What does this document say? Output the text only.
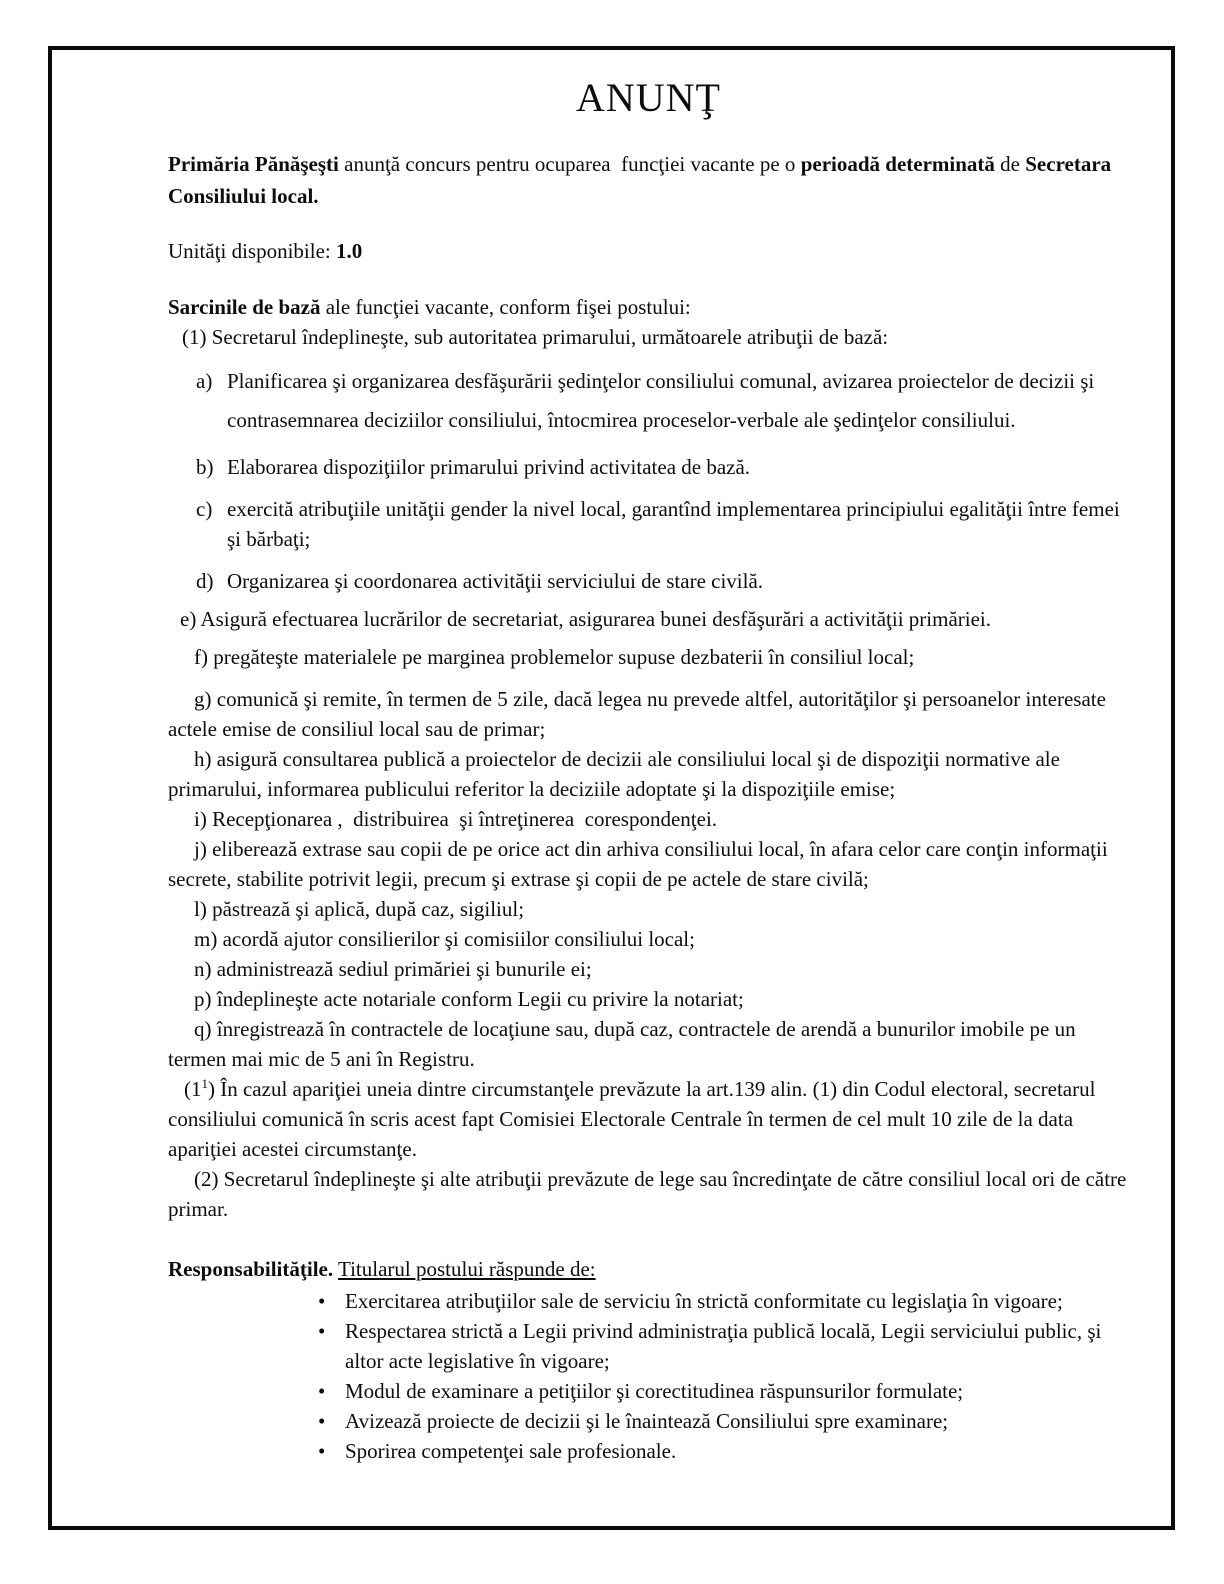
ANUNŢ

Primăria Pănăşeşti anunţă concurs pentru ocuparea  funcţiei vacante pe o perioadă determinată de Secretara Consiliului local.

Unităţi disponibile: 1.0

Sarcinile de bază ale funcţiei vacante, conform fişei postului:

(1) Secretarul îndeplineşte, sub autoritatea primarului, următoarele atribuţii de bază:

a) Planificarea şi organizarea desfăşurării şedinţelor consiliului comunal, avizarea proiectelor de decizii şi contrasemnarea deciziilor consiliului, întocmirea proceselor-verbale ale şedinţelor consiliului.
b) Elaborarea dispoziţiilor primarului privind activitatea de bază.
c) exercită atribuţiile unităţii gender la nivel local, garantînd implementarea principiului egalităţii între femei şi bărbaţi;
d) Organizarea şi coordonarea activităţii serviciului de stare civilă.

e) Asigură efectuarea lucrărilor de secretariat, asigurarea bunei desfăşurări a activităţii primăriei.

f) pregăteşte materialele pe marginea problemelor supuse dezbaterii în consiliul local;

g) comunică şi remite, în termen de 5 zile, dacă legea nu prevede altfel, autorităţilor şi persoanelor interesate actele emise de consiliul local sau de primar;

h) asigură consultarea publică a proiectelor de decizii ale consiliului local şi de dispoziţii normative ale primarului, informarea publicului referitor la deciziile adoptate şi la dispoziţiile emise;

i) Recepţionarea ,  distribuirea  şi întreţinerea  corespondenţei.

j) eliberează extrase sau copii de pe orice act din arhiva consiliului local, în afara celor care conţin informaţii secrete, stabilite potrivit legii, precum şi extrase şi copii de pe actele de stare civilă;

l) păstrează şi aplică, după caz, sigiliul;

m) acordă ajutor consilierilor şi comisiilor consiliului local;

n) administrează sediul primăriei şi bunurile ei;

p) îndeplineşte acte notariale conform Legii cu privire la notariat;

q) înregistrează în contractele de locaţiune sau, după caz, contractele de arendă a bunurilor imobile pe un termen mai mic de 5 ani în Registru.

$(1^1)$ În cazul apariţiei uneia dintre circumstanţele prevăzute la art.139 alin. (1) din Codul electoral, secretarul consiliului comunică în scris acest fapt Comisiei Electorale Centrale în termen de cel mult 10 zile de la data apariţiei acestei circumstanţe.

(2) Secretarul îndeplineşte şi alte atribuţii prevăzute de lege sau încredinţate de către consiliul local ori de către primar.

Responsabilităţile. Titularul postului răspunde de:

• Exercitarea atribuţiilor sale de serviciu în strictă conformitate cu legislaţia în vigoare;
• Respectarea strictă a Legii privind administraţia publică locală, Legii serviciului public, şi altor acte legislative în vigoare;
• Modul de examinare a petiţiilor şi corectitudinea răspunsurilor formulate;
• Avizează proiecte de decizii şi le înaintează Consiliului spre examinare;
• Sporirea competenţei sale profesionale.
